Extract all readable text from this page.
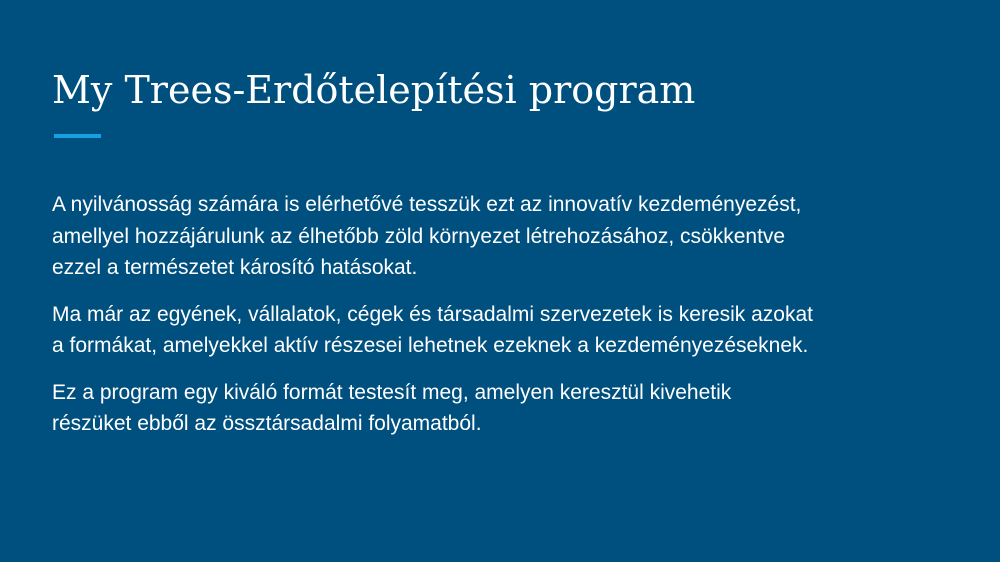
My Trees-Erdőtelepítési program

A nyilvánosság számára is elérhetővé tesszük ezt az innovatív kezdeményezést,
amellyel hozzájárulunk az élhetőbb zöld környezet létrehozásához, csökkentve
ezzel a természetet károsító hatásokat.

Ma már az egyének, vállalatok, cégek és társadalmi szervezetek is keresik azokat
a formákat, amelyekkel aktív részesei lehetnek ezeknek a kezdeményezéseknek.

Ez a program egy kiváló formát testesít meg, amelyen keresztül kivehetik
részüket ebből az össztársadalmi folyamatból.
